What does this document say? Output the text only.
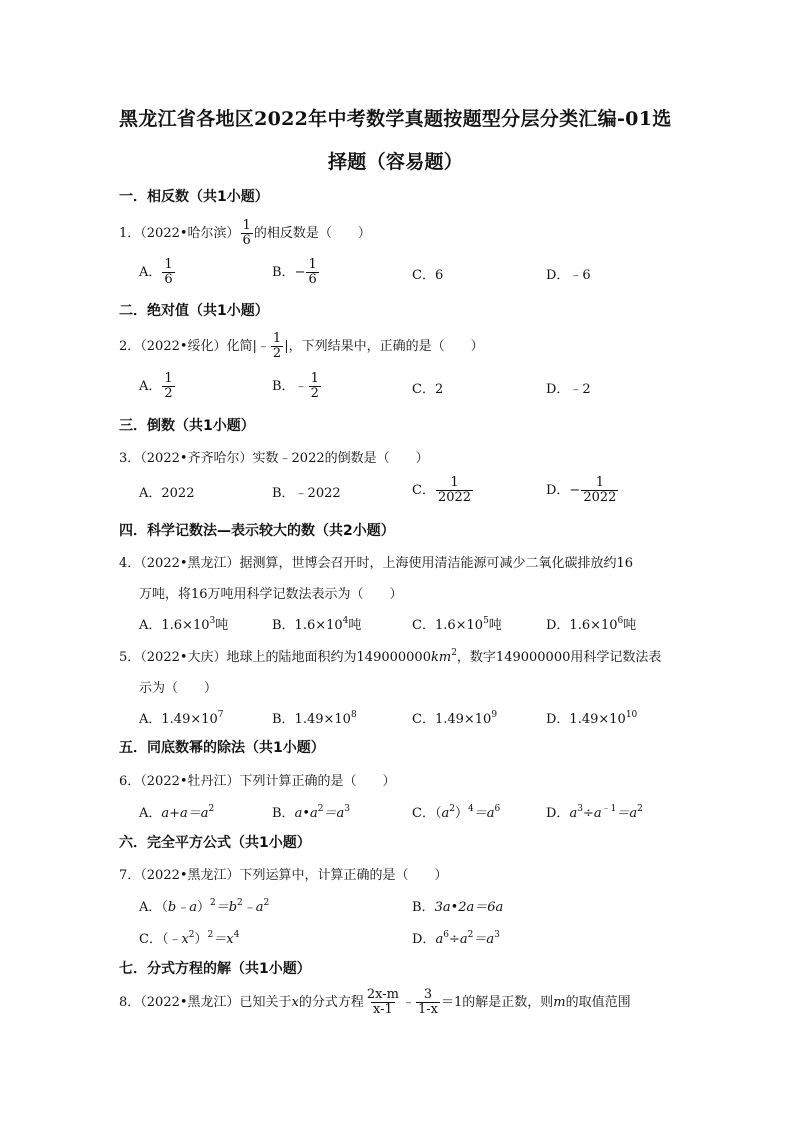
黑龙江省各地区2022年中考数学真题按题型分层分类汇编-01选
择题（容易题）
一．相反数（共1小题）
1．（2022•哈尔滨） $\frac{1}{6}$ 的相反数是（　　）
A． $\frac{1}{6}$	B．− $\frac{1}{6}$	C．6	D．﹣6
二．绝对值（共1小题）
2．（2022•绥化）化简|﹣ $\frac{1}{2}$ |，下列结果中，正确的是（　　）
A． $\frac{1}{2}$	B．﹣ $\frac{1}{2}$	C．2	D．﹣2
三．倒数（共1小题）
3．（2022•齐齐哈尔）实数﹣2022的倒数是（　　）
A．2022	B．﹣2022	C． $\frac{1}{2022}$	D．− $\frac{1}{2022}$
四．科学记数法—表示较大的数（共2小题）
4．（2022•黑龙江）据测算，世博会召开时，上海使用清洁能源可减少二氧化碳排放约16
万吨，将16万吨用科学记数法表示为（　　）
A．$1.6\times 10^3$吨	B．$1.6\times 10^4$吨	C．$1.6\times 10^5$吨	D．$1.6\times 10^6$吨
5．（2022•大庆）地球上的陆地面积约为$149000000km^2$，数字149000000用科学记数法表
示为（　　）
A．$1.49\times 10^7$	B．$1.49\times 10^8$	C．$1.49\times 10^9$	D．$1.49\times 10^{10}$
五．同底数幂的除法（共1小题）
6．（2022•牡丹江）下列计算正确的是（　　）
A．$a+a=a^2$	B．$a•a^2=a^3$	C．$(a^2)^4=a^6$	D．$a^3\div a^{﹣1}=a^2$
六．完全平方公式（共1小题）
7．（2022•黑龙江）下列运算中，计算正确的是（　　）
A．$(b﹣a)^2=b^2﹣a^2$	B．3a•2a＝6a
C．$(﹣x^2)^2=x^4$	D．$a^6\div a^2=a^3$
七．分式方程的解（共1小题）
8．（2022•黑龙江）已知关于x的分式方程 $\frac{2x-m}{x-1}$ ﹣ $\frac{3}{1-x} =1$的解是正数，则m的取值范围
